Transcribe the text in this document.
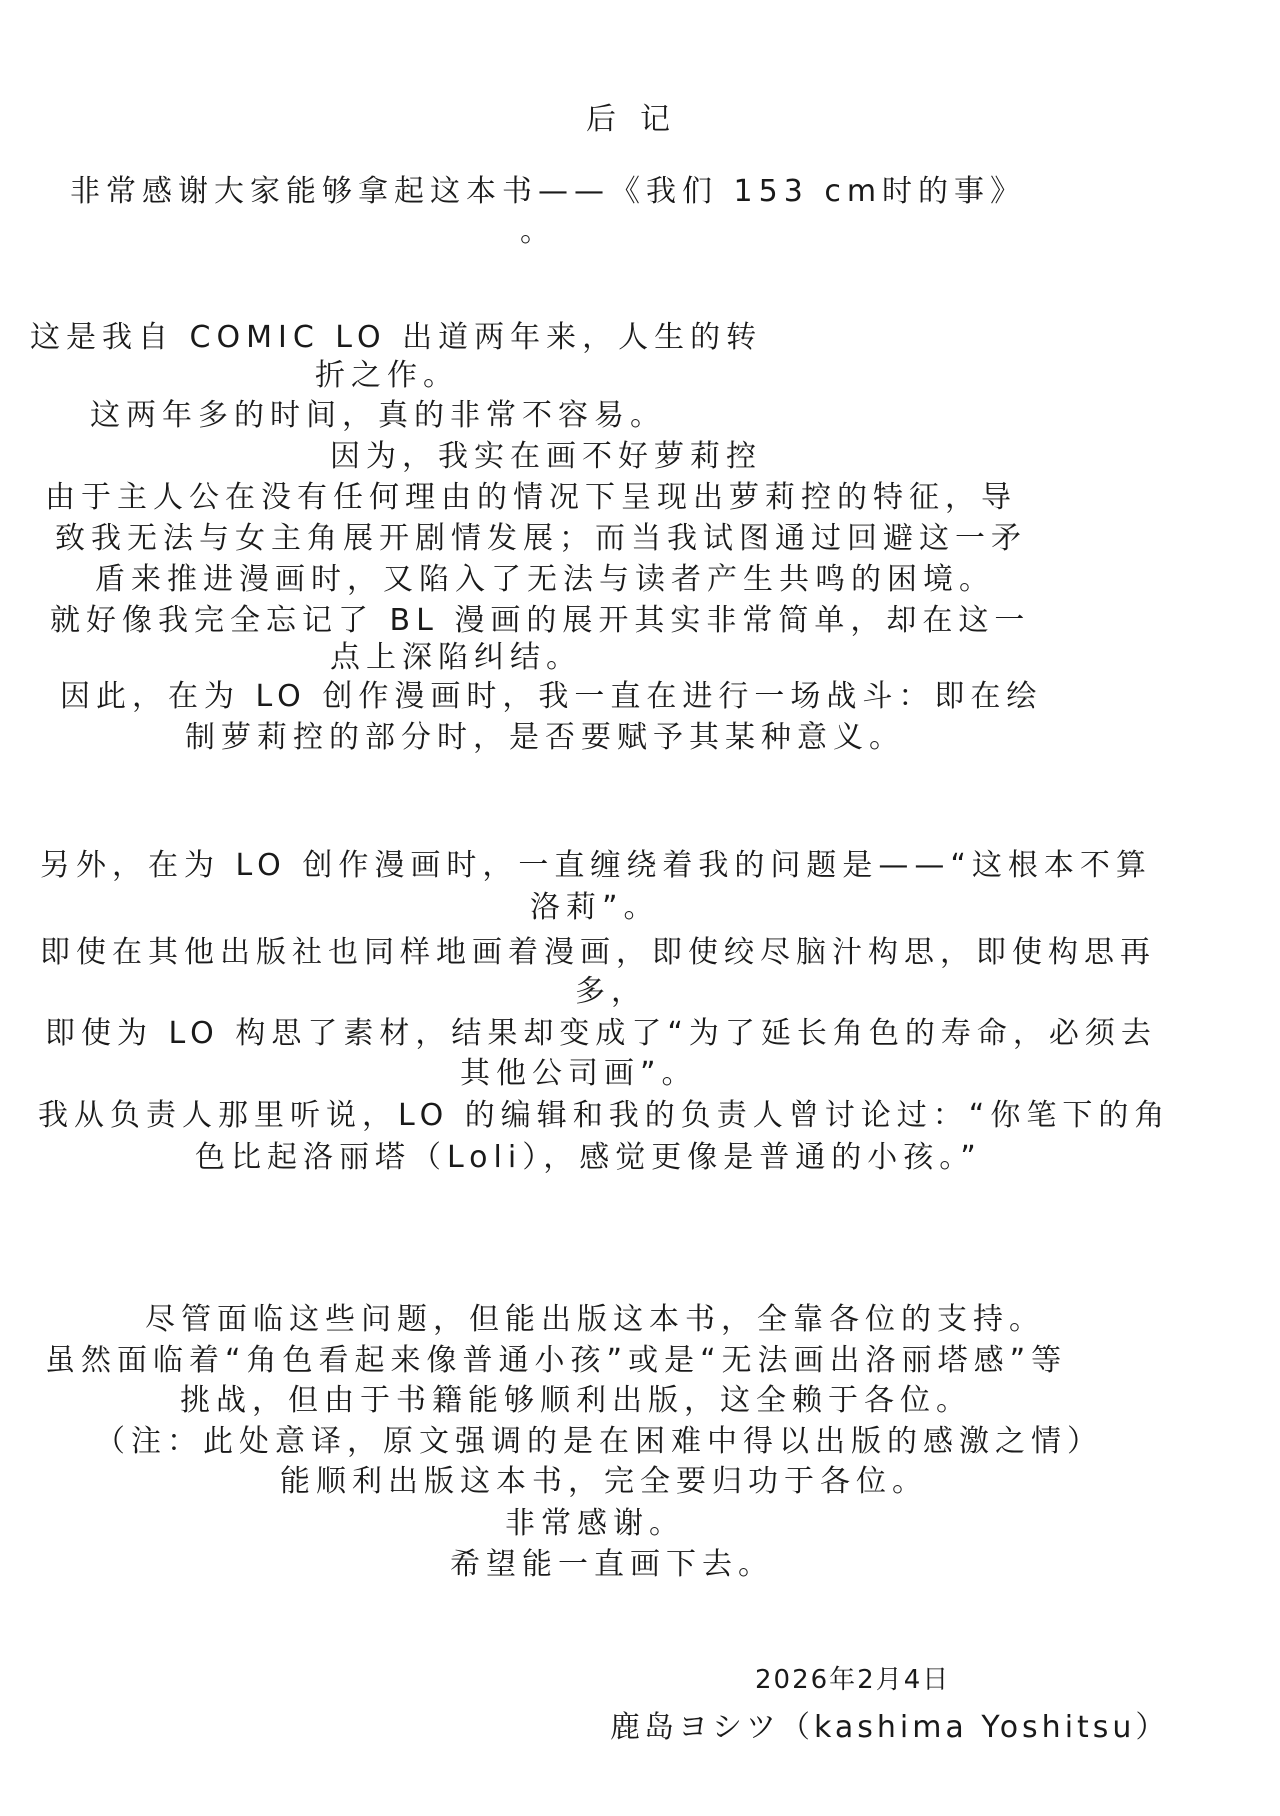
后记
非常感谢大家能够拿起这本书——《我们 153 cm时的事》
。
这是我自 COMIC LO 出道两年来，人生的转
折之作。
这两年多的时间，真的非常不容易。
因为，我实在画不好萝莉控
由于主人公在没有任何理由的情况下呈现出萝莉控的特征，导
致我无法与女主角展开剧情发展；而当我试图通过回避这一矛
盾来推进漫画时，又陷入了无法与读者产生共鸣的困境。
就好像我完全忘记了 BL 漫画的展开其实非常简单，却在这一
点上深陷纠结。
因此，在为 LO 创作漫画时，我一直在进行一场战斗：即在绘
制萝莉控的部分时，是否要赋予其某种意义。
另外，在为 LO 创作漫画时，一直缠绕着我的问题是——“这根本不算
洛莉”。
即使在其他出版社也同样地画着漫画，即使绞尽脑汁构思，即使构思再
多，
即使为 LO 构思了素材，结果却变成了“为了延长角色的寿命，必须去
其他公司画”。
我从负责人那里听说，LO 的编辑和我的负责人曾讨论过：“你笔下的角
色比起洛丽塔（Loli），感觉更像是普通的小孩。”
尽管面临这些问题，但能出版这本书，全靠各位的支持。
虽然面临着“角色看起来像普通小孩”或是“无法画出洛丽塔感”等
挑战，但由于书籍能够顺利出版，这全赖于各位。
（注：此处意译，原文强调的是在困难中得以出版的感激之情）
能顺利出版这本书，完全要归功于各位。
非常感谢。
希望能一直画下去。
2026年2月4日
鹿岛ヨシツ（kashima Yoshitsu）
